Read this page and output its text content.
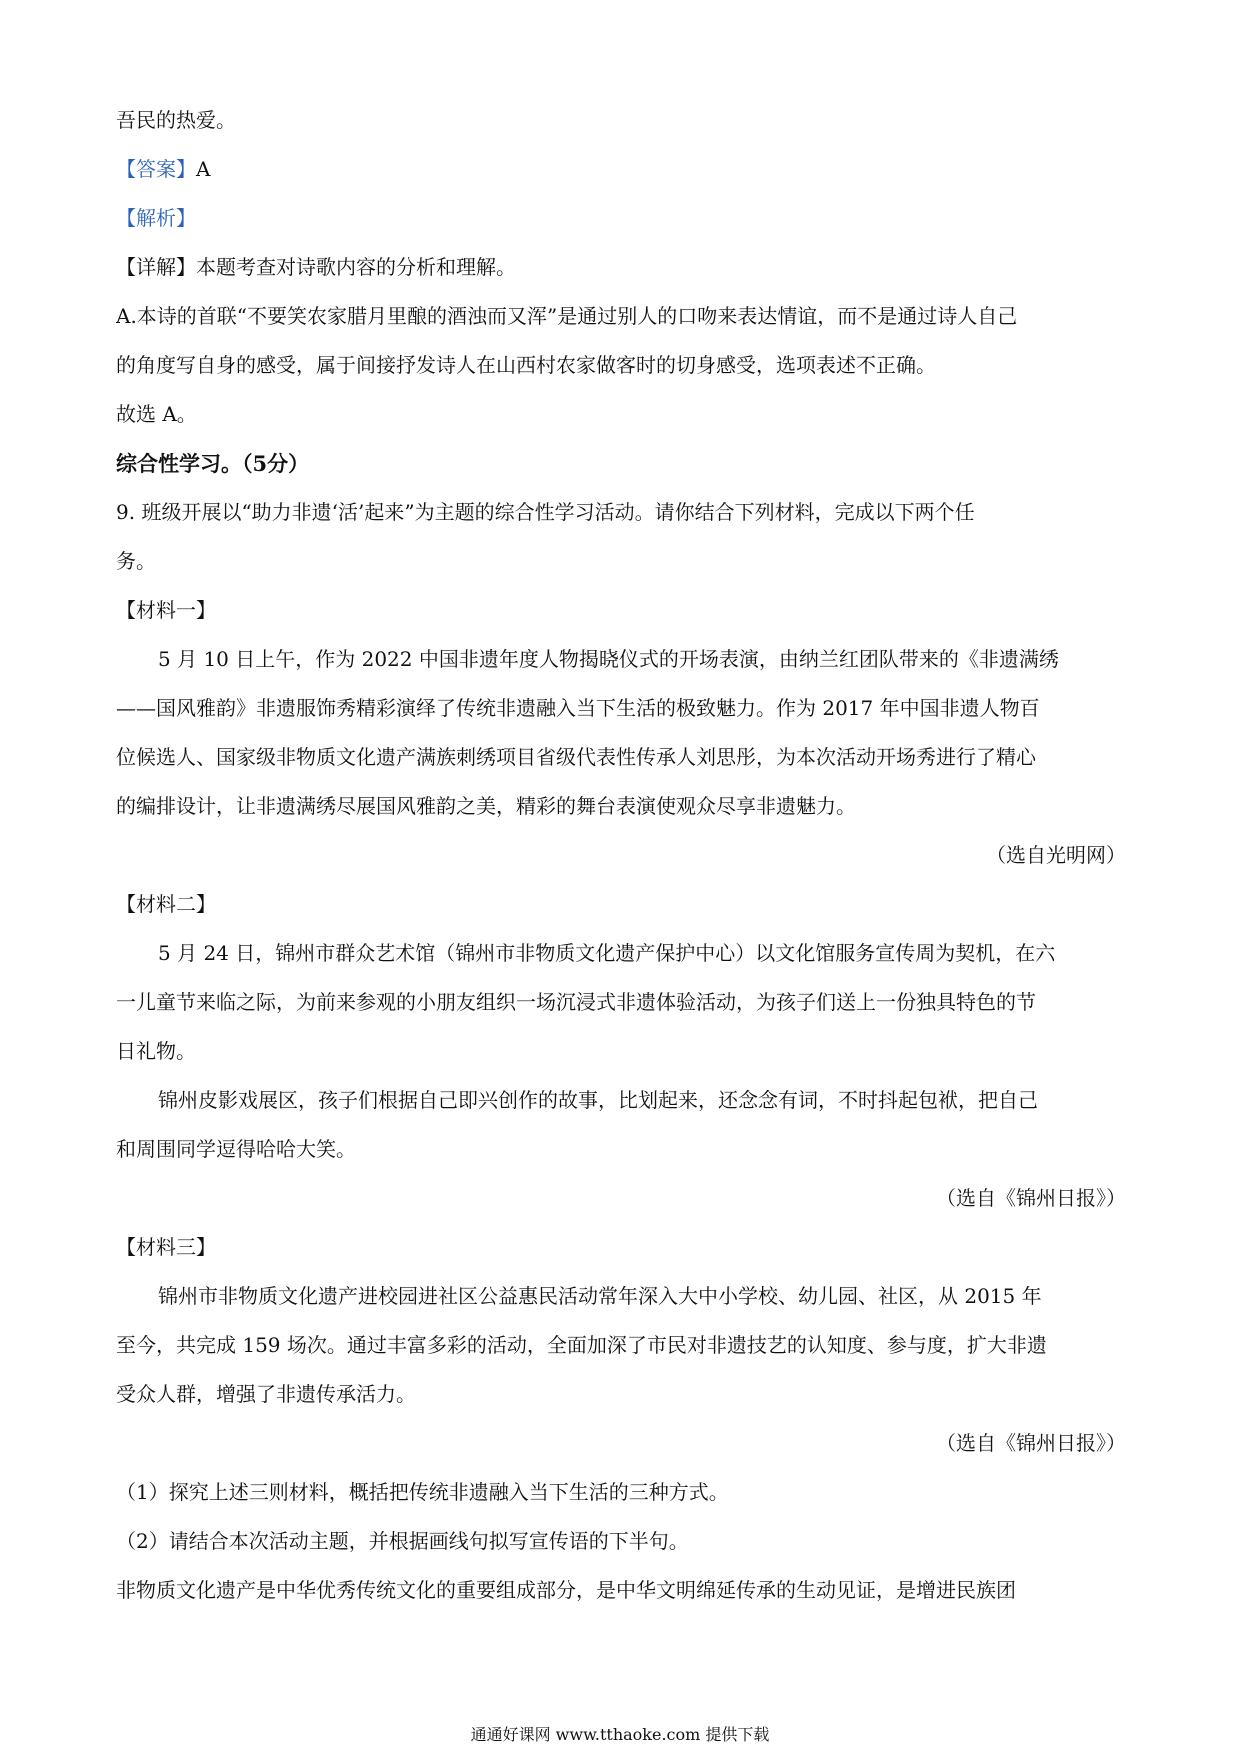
吾民的热爱。
【答案】A
【解析】
【详解】本题考查对诗歌内容的分析和理解。
A.本诗的首联“不要笑农家腊月里酿的酒浊而又浑”是通过别人的口吻来表达情谊，而不是通过诗人自己
的角度写自身的感受，属于间接抒发诗人在山西村农家做客时的切身感受，选项表述不正确。
故选 A。
综合性学习。（5分）
9. 班级开展以“助力非遗‘活’起来”为主题的综合性学习活动。请你结合下列材料，完成以下两个任
务。
【材料一】
5 月 10 日上午，作为 2022 中国非遗年度人物揭晓仪式的开场表演，由纳兰红团队带来的《非遗满绣
——国风雅韵》非遗服饰秀精彩演绎了传统非遗融入当下生活的极致魅力。作为 2017 年中国非遗人物百
位候选人、国家级非物质文化遗产满族刺绣项目省级代表性传承人刘思彤，为本次活动开场秀进行了精心
的编排设计，让非遗满绣尽展国风雅韵之美，精彩的舞台表演使观众尽享非遗魅力。
（选自光明网）
【材料二】
5 月 24 日，锦州市群众艺术馆（锦州市非物质文化遗产保护中心）以文化馆服务宣传周为契机，在六
一儿童节来临之际，为前来参观的小朋友组织一场沉浸式非遗体验活动，为孩子们送上一份独具特色的节
日礼物。
锦州皮影戏展区，孩子们根据自己即兴创作的故事，比划起来，还念念有词，不时抖起包袱，把自己
和周围同学逗得哈哈大笑。
（选自《锦州日报》）
【材料三】
锦州市非物质文化遗产进校园进社区公益惠民活动常年深入大中小学校、幼儿园、社区，从 2015 年
至今，共完成 159 场次。通过丰富多彩的活动，全面加深了市民对非遗技艺的认知度、参与度，扩大非遗
受众人群，增强了非遗传承活力。
（选自《锦州日报》）
（1）探究上述三则材料，概括把传统非遗融入当下生活的三种方式。
（2）请结合本次活动主题，并根据画线句拟写宣传语的下半句。
非物质文化遗产是中华优秀传统文化的重要组成部分，是中华文明绵延传承的生动见证，是增进民族团
通通好课网 www.tthaoke.com 提供下载
